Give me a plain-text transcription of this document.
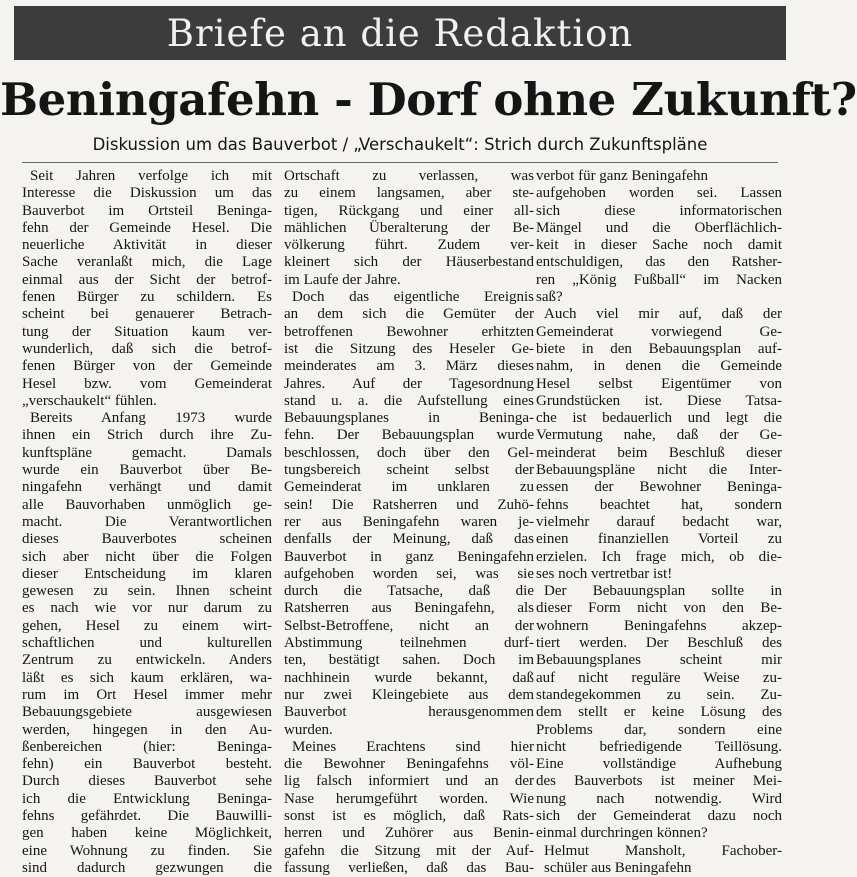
Briefe an die Redaktion
Beningafehn - Dorf ohne Zukunft?
Diskussion um das Bauverbot / „Verschaukelt“: Strich durch Zukunftspläne
Seit Jahren verfolge ich mit
Interesse die Diskussion um das
Bauverbot im Ortsteil Beninga-
fehn der Gemeinde Hesel. Die
neuerliche Aktivität in dieser
Sache veranlaßt mich, die Lage
einmal aus der Sicht der betrof-
fenen Bürger zu schildern. Es
scheint bei genauerer Betrach-
tung der Situation kaum ver-
wunderlich, daß sich die betrof-
fenen Bürger von der Gemeinde
Hesel bzw. vom Gemeinderat
„verschaukelt“ fühlen.
Bereits Anfang 1973 wurde
ihnen ein Strich durch ihre Zu-
kunftspläne gemacht. Damals
wurde ein Bauverbot über Be-
ningafehn verhängt und damit
alle Bauvorhaben unmöglich ge-
macht. Die Verantwortlichen
dieses Bauverbotes scheinen
sich aber nicht über die Folgen
dieser Entscheidung im klaren
gewesen zu sein. Ihnen scheint
es nach wie vor nur darum zu
gehen, Hesel zu einem wirt-
schaftlichen und kulturellen
Zentrum zu entwickeln. Anders
läßt es sich kaum erklären, wa-
rum im Ort Hesel immer mehr
Bebauungsgebiete ausgewiesen
werden, hingegen in den Au-
ßenbereichen (hier: Beninga-
fehn) ein Bauverbot besteht.
Durch dieses Bauverbot sehe
ich die Entwicklung Beninga-
fehns gefährdet. Die Bauwilli-
gen haben keine Möglichkeit,
eine Wohnung zu finden. Sie
sind dadurch gezwungen die
Ortschaft zu verlassen, was
zu einem langsamen, aber ste-
tigen, Rückgang und einer all-
mählichen Überalterung der Be-
völkerung führt. Zudem ver-
kleinert sich der Häuserbestand
im Laufe der Jahre.
Doch das eigentliche Ereignis
an dem sich die Gemüter der
betroffenen Bewohner erhitzten
ist die Sitzung des Heseler Ge-
meinderates am 3. März dieses
Jahres. Auf der Tagesordnung
stand u. a. die Aufstellung eines
Bebauungsplanes in Beninga-
fehn. Der Bebauungsplan wurde
beschlossen, doch über den Gel-
tungsbereich scheint selbst der
Gemeinderat im unklaren zu
sein! Die Ratsherren und Zuhö-
rer aus Beningafehn waren je-
denfalls der Meinung, daß das
Bauverbot in ganz Beningafehn
aufgehoben worden sei, was sie
durch die Tatsache, daß die
Ratsherren aus Beningafehn, als
Selbst-Betroffene, nicht an der
Abstimmung teilnehmen durf-
ten, bestätigt sahen. Doch im
nachhinein wurde bekannt, daß
nur zwei Kleingebiete aus dem
Bauverbot herausgenommen
wurden.
Meines Erachtens sind hier
die Bewohner Beningafehns völ-
lig falsch informiert und an der
Nase herumgeführt worden. Wie
sonst ist es möglich, daß Rats-
herren und Zuhörer aus Benin-
gafehn die Sitzung mit der Auf-
fassung verließen, daß das Bau-
verbot für ganz Beningafehn
aufgehoben worden sei. Lassen
sich diese informatorischen
Mängel und die Oberflächlich-
keit in dieser Sache noch damit
entschuldigen, das den Ratsher-
ren „König Fußball“ im Nacken
saß?
Auch viel mir auf, daß der
Gemeinderat vorwiegend Ge-
biete in den Bebauungsplan auf-
nahm, in denen die Gemeinde
Hesel selbst Eigentümer von
Grundstücken ist. Diese Tatsa-
che ist bedauerlich und legt die
Vermutung nahe, daß der Ge-
meinderat beim Beschluß dieser
Bebauungspläne nicht die Inter-
essen der Bewohner Beninga-
fehns beachtet hat, sondern
vielmehr darauf bedacht war,
einen finanziellen Vorteil zu
erzielen. Ich frage mich, ob die-
ses noch vertretbar ist!
Der Bebauungsplan sollte in
dieser Form nicht von den Be-
wohnern Beningafehns akzep-
tiert werden. Der Beschluß des
Bebauungsplanes scheint mir
auf nicht reguläre Weise zu-
standegekommen zu sein. Zu-
dem stellt er keine Lösung des
Problems dar, sondern eine
nicht befriedigende Teillösung.
Eine vollständige Aufhebung
des Bauverbots ist meiner Mei-
nung nach notwendig. Wird
sich der Gemeinderat dazu noch
einmal durchringen können?
Helmut Mansholt, Fachober-
schüler aus Beningafehn
